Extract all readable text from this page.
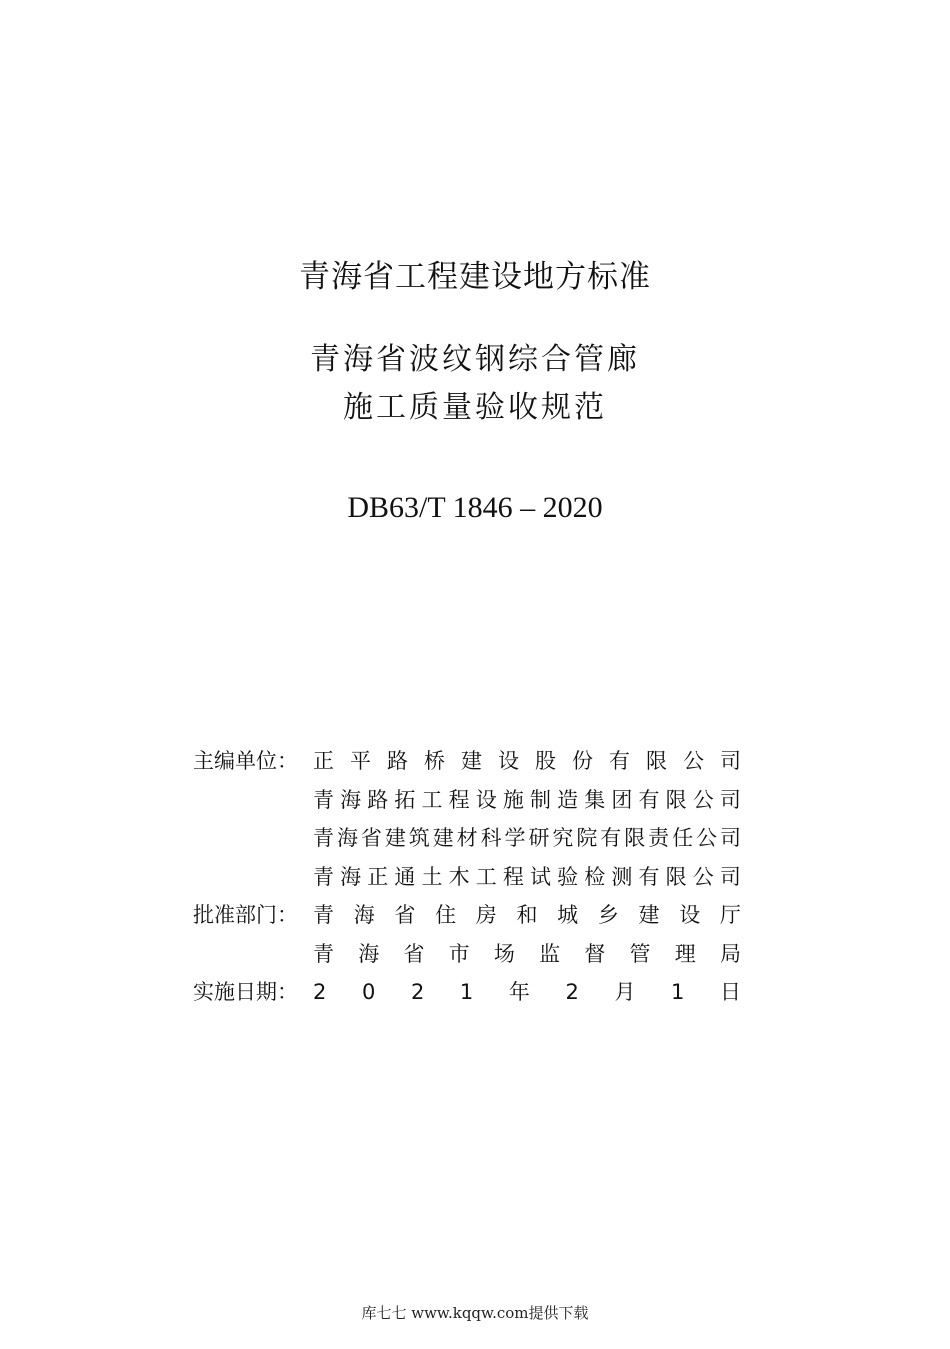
青海省工程建设地方标准
青海省波纹钢综合管廊
施工质量验收规范
DB63/T 1846 – 2020
主编单位： 正 平 路 桥 建 设 股 份 有 限 公 司
青 海 路 拓 工 程 设 施 制 造 集 团 有 限 公 司
青 海 省 建 筑 建 材 科 学 研 究 院 有 限 责 任 公 司
青 海 正 通 土 木 工 程 试 验 检 测 有 限 公 司
批准部门： 青 海 省 住 房 和 城 乡 建 设 厅
青 海 省 市 场 监 督 管 理 局
实施日期： 2 0 2 1 年 2 月 1 日
库七七 www.kqqw.com提供下载
